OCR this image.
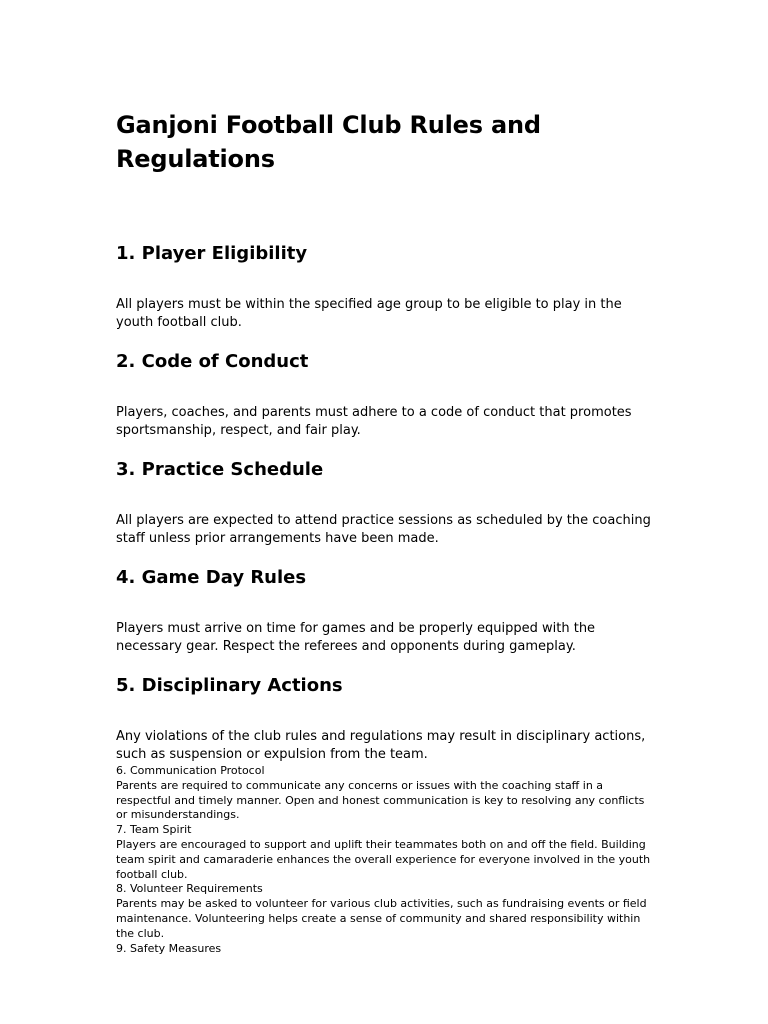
Ganjoni Football Club Rules and Regulations
1. Player Eligibility

All players must be within the specified age group to be eligible to play in the youth football club.

2. Code of Conduct

Players, coaches, and parents must adhere to a code of conduct that promotes sportsmanship, respect, and fair play.

3. Practice Schedule

All players are expected to attend practice sessions as scheduled by the coaching staff unless prior arrangements have been made.

4. Game Day Rules

Players must arrive on time for games and be properly equipped with the necessary gear. Respect the referees and opponents during gameplay.

5. Disciplinary Actions

Any violations of the club rules and regulations may result in disciplinary actions, such as suspension or expulsion from the team.

6. Communication Protocol

Parents are required to communicate any concerns or issues with the coaching staff in a respectful and timely manner. Open and honest communication is key to resolving any conflicts or misunderstandings.

7. Team Spirit

Players are encouraged to support and uplift their teammates both on and off the field. Building team spirit and camaraderie enhances the overall experience for everyone involved in the youth football club.

8. Volunteer Requirements

Parents may be asked to volunteer for various club activities, such as fundraising events or field maintenance. Volunteering helps create a sense of community and shared responsibility within the club.

9. Safety Measures
